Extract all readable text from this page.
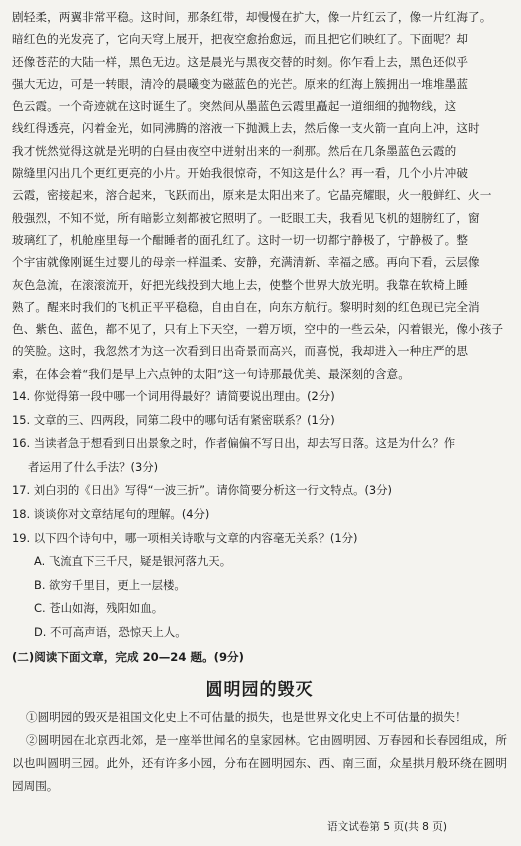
剧轻柔，两翼非常平稳。这时间，那条红带，却慢慢在扩大，像一片红云了，像一片红海了。

暗红色的光发亮了，它向天穹上展开，把夜空愈抬愈远，而且把它们映红了。下面呢？却

还像苍茫的大陆一样，黑色无边。这是晨光与黑夜交替的时刻。你乍看上去，黑色还似乎

强大无边，可是一转眼，清冷的晨曦变为磁蓝色的光芒。原来的红海上簇拥出一堆堆墨蓝

色云霞。一个奇迹就在这时诞生了。突然间从墨蓝色云霞里矗起一道细细的抛物线，这

线红得透亮，闪着金光，如同沸腾的溶液一下抛溅上去，然后像一支火箭一直向上冲，这时

我才恍然觉得这就是光明的白昼由夜空中迸射出来的一刹那。然后在几条墨蓝色云霞的

隙缝里闪出几个更红更亮的小片。开始我很惊奇，不知这是什么？再一看，几个小片冲破

云霞，密接起来，溶合起来，飞跃而出，原来是太阳出来了。它晶亮耀眼，火一般鲜红、火一

般强烈，不知不觉，所有暗影立刻都被它照明了。一眨眼工夫，我看见飞机的翅膀红了，窗

玻璃红了，机舱座里每一个酣睡者的面孔红了。这时一切一切都宁静极了，宁静极了。整

个宇宙就像刚诞生过婴儿的母亲一样温柔、安静，充满清新、幸福之感。再向下看，云层像

灰色急流，在滚滚流开，好把光线投到大地上去，使整个世界大放光明。我靠在软椅上睡

熟了。醒来时我们的飞机正平平稳稳，自由自在，向东方航行。黎明时刻的红色现已完全消

色、紫色、蓝色，都不见了，只有上下天空，一碧万顷，空中的一些云朵，闪着银光，像小孩子

的笑脸。这时，我忽然才为这一次看到日出奇景而高兴，而喜悦，我却进入一种庄严的思

索，在体会着“我们是早上六点钟的太阳”这一句诗那最优美、最深刻的含意。

14. 你觉得第一段中哪一个词用得最好？请简要说出理由。(2分)

15. 文章的三、四两段，同第二段中的哪句话有紧密联系？(1分)

16. 当读者急于想看到日出景象之时，作者偏偏不写日出，却去写日落。这是为什么？作

者运用了什么手法？(3分)

17. 刘白羽的《日出》写得“一波三折”。请你简要分析这一行文特点。(3分)

18. 谈谈你对文章结尾句的理解。(4分)

19. 以下四个诗句中，哪一项相关诗歌与文章的内容毫无关系？(1分)

A. 飞流直下三千尺，疑是银河落九天。

B. 欲穷千里目，更上一层楼。

C. 苍山如海，残阳如血。

D. 不可高声语，恐惊天上人。

(二)阅读下面文章，完成 20—24 题。(9分)

圆明园的毁灭

①圆明园的毁灭是祖国文化史上不可估量的损失，也是世界文化史上不可估量的损失！

②圆明园在北京西北郊，是一座举世闻名的皇家园林。它由圆明园、万春园和长春园组成，所以也叫圆明三园。此外，还有许多小园，分布在圆明园东、西、南三面，众星拱月般环绕在圆明园周围。

语文试卷第 5 页(共 8 页)
